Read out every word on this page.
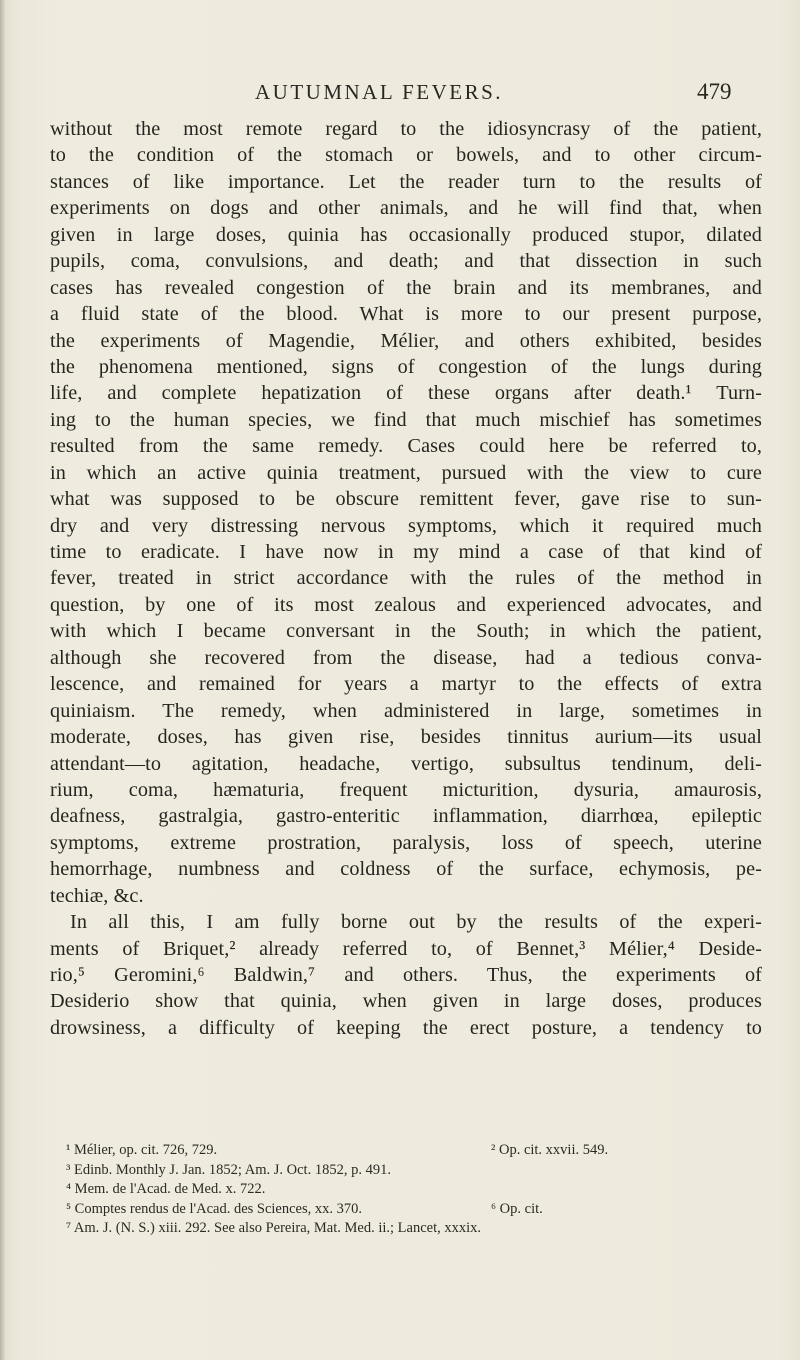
AUTUMNAL FEVERS.	479
without the most remote regard to the idiosyncrasy of the patient,
to the condition of the stomach or bowels, and to other circum-
stances of like importance. Let the reader turn to the results of
experiments on dogs and other animals, and he will find that, when
given in large doses, quinia has occasionally produced stupor, dilated
pupils, coma, convulsions, and death; and that dissection in such
cases has revealed congestion of the brain and its membranes, and
a fluid state of the blood. What is more to our present purpose,
the experiments of Magendie, Mélier, and others exhibited, besides
the phenomena mentioned, signs of congestion of the lungs during
life, and complete hepatization of these organs after death.¹ Turn-
ing to the human species, we find that much mischief has sometimes
resulted from the same remedy. Cases could here be referred to,
in which an active quinia treatment, pursued with the view to cure
what was supposed to be obscure remittent fever, gave rise to sun-
dry and very distressing nervous symptoms, which it required much
time to eradicate. I have now in my mind a case of that kind of
fever, treated in strict accordance with the rules of the method in
question, by one of its most zealous and experienced advocates, and
with which I became conversant in the South; in which the patient,
although she recovered from the disease, had a tedious conva-
lescence, and remained for years a martyr to the effects of extra
quiniaism. The remedy, when administered in large, sometimes in
moderate, doses, has given rise, besides tinnitus aurium—its usual
attendant—to agitation, headache, vertigo, subsultus tendinum, deli-
rium, coma, hæmaturia, frequent micturition, dysuria, amaurosis,
deafness, gastralgia, gastro-enteritic inflammation, diarrhœa, epileptic
symptoms, extreme prostration, paralysis, loss of speech, uterine
hemorrhage, numbness and coldness of the surface, echymosis, pe-
techiæ, &c.
In all this, I am fully borne out by the results of the experi-
ments of Briquet,² already referred to, of Bennet,³ Mélier,⁴ Deside-
rio,⁵ Geromini,⁶ Baldwin,⁷ and others. Thus, the experiments of
Desiderio show that quinia, when given in large doses, produces
drowsiness, a difficulty of keeping the erect posture, a tendency to
¹ Mélier, op. cit. 726, 729.	² Op. cit. xxvii. 549.
³ Edinb. Monthly J. Jan. 1852; Am. J. Oct. 1852, p. 491.
⁴ Mem. de l'Acad. de Med. x. 722.
⁵ Comptes rendus de l'Acad. des Sciences, xx. 370.	⁶ Op. cit.
⁷ Am. J. (N. S.) xiii. 292. See also Pereira, Mat. Med. ii.; Lancet, xxxix.
